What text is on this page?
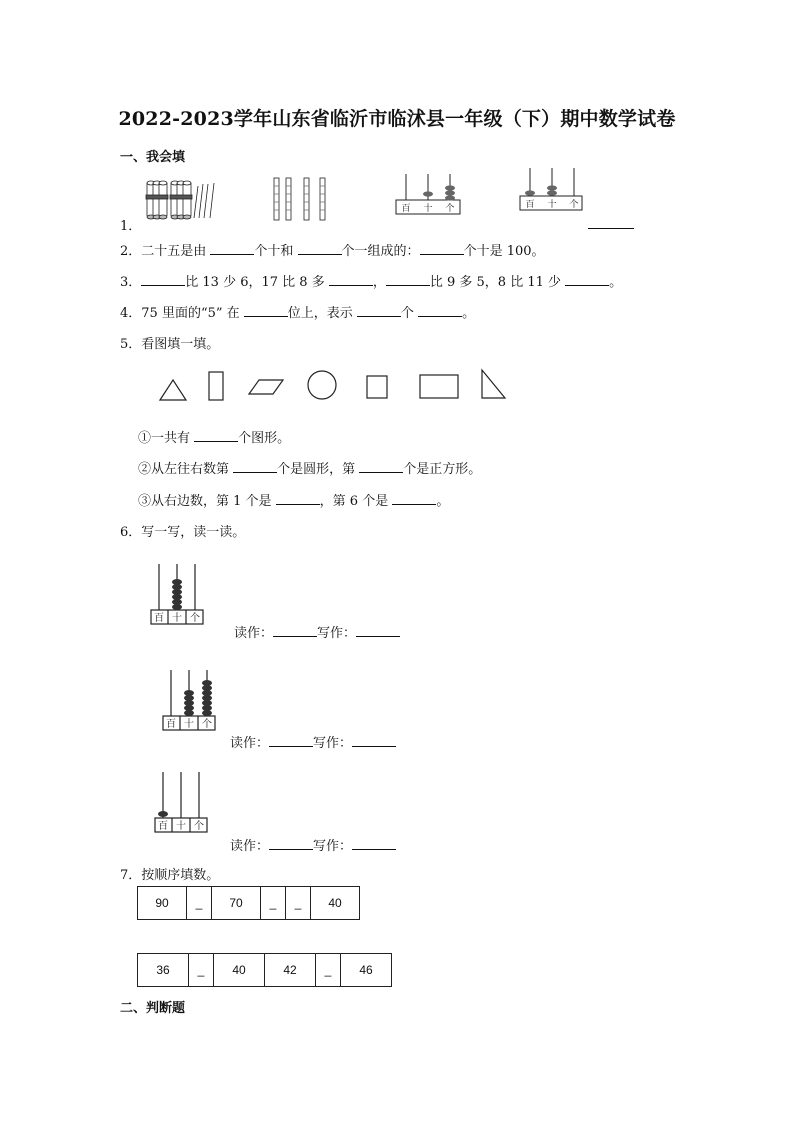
2022-2023学年山东省临沂市临沭县一年级（下）期中数学试卷
一、我会填
1．
百 十 个	百 十 个
2．二十五是由	个十和	个一组成的：	个十是 100。
3．	比 13 少 6，17 比 8 多	，	比 9 多 5，8 比 11 少	。
4．75 里面的“5” 在	位上，表示	个	。
5．看图填一填。
①一共有	个图形。
②从左往右数第	个是圆形，第	个是正方形。
③从右边数，第 1 个是	，第 6 个是	。
6．写一写，读一读。
百 十 个
读作：	写作：
百 十 个
读作：	写作：
百 十 个
读作：	写作：
7．按顺序填数。
90	_	70	_	_	40
36	_	40	42	_	46
二、判断题
